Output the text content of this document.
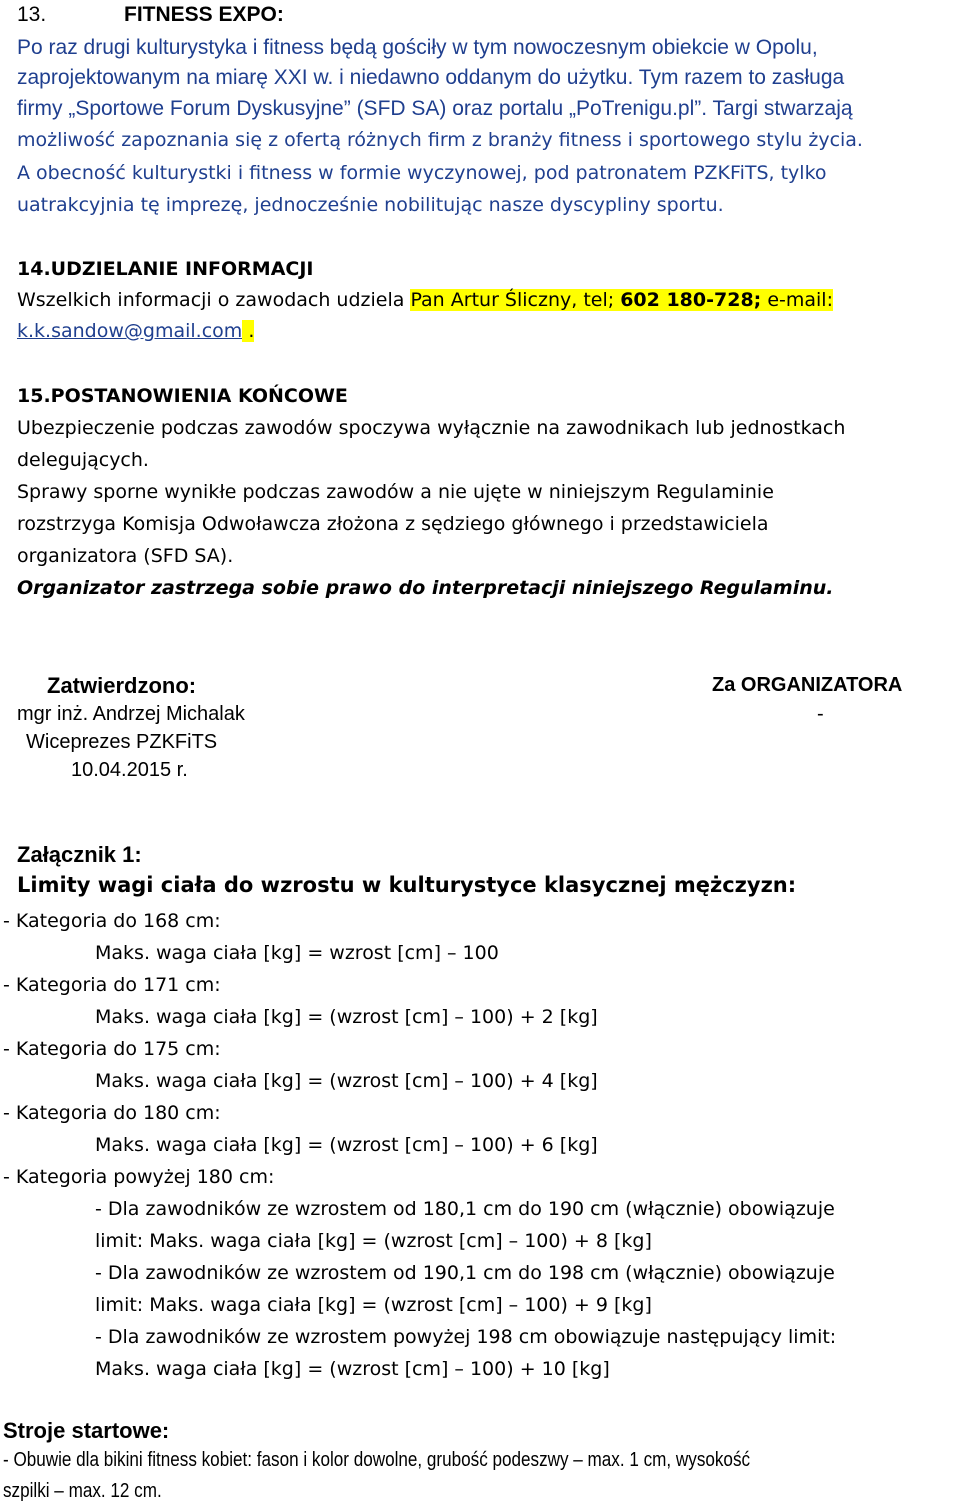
13.	FITNESS EXPO:
Po raz drugi kulturystyka i fitness będą gościły w tym nowoczesnym obiekcie w Opolu,
zaprojektowanym na miarę XXI w. i niedawno oddanym do użytku. Tym razem to zasługa
firmy „Sportowe Forum Dyskusyjne” (SFD SA) oraz portalu „PoTrenigu.pl”. Targi stwarzają
możliwość zapoznania się z ofertą różnych firm z branży fitness i sportowego stylu życia.
A obecność kulturystki i fitness w formie wyczynowej, pod patronatem PZKFiTS, tylko
uatrakcyjnia tę imprezę, jednocześnie nobilitując nasze dyscypliny sportu.
14.UDZIELANIE INFORMACJI
Wszelkich informacji o zawodach udziela Pan Artur Śliczny, tel; 602 180-728; e-mail:
k.k.sandow@gmail.com .
15.POSTANOWIENIA KOŃCOWE
Ubezpieczenie podczas zawodów spoczywa wyłącznie na zawodnikach lub jednostkach
delegujących.
Sprawy sporne wynikłe podczas zawodów a nie ujęte w niniejszym Regulaminie
rozstrzyga Komisja Odwoławcza złożona z sędziego głównego i przedstawiciela
organizatora (SFD SA).
Organizator zastrzega sobie prawo do interpretacji niniejszego Regulaminu.
Zatwierdzono:	Za ORGANIZATORA
mgr inż. Andrzej Michalak	-
Wiceprezes PZKFiTS
10.04.2015 r.
Załącznik 1:
Limity wagi ciała do wzrostu w kulturystyce klasycznej mężczyzn:
- Kategoria do 168 cm:
Maks. waga ciała [kg] = wzrost [cm] – 100
- Kategoria do 171 cm:
Maks. waga ciała [kg] = (wzrost [cm] – 100) + 2 [kg]
- Kategoria do 175 cm:
Maks. waga ciała [kg] = (wzrost [cm] – 100) + 4 [kg]
- Kategoria do 180 cm:
Maks. waga ciała [kg] = (wzrost [cm] – 100) + 6 [kg]
- Kategoria powyżej 180 cm:
- Dla zawodników ze wzrostem od 180,1 cm do 190 cm (włącznie) obowiązuje
limit: Maks. waga ciała [kg] = (wzrost [cm] – 100) + 8 [kg]
- Dla zawodników ze wzrostem od 190,1 cm do 198 cm (włącznie) obowiązuje
limit: Maks. waga ciała [kg] = (wzrost [cm] – 100) + 9 [kg]
- Dla zawodników ze wzrostem powyżej 198 cm obowiązuje następujący limit:
Maks. waga ciała [kg] = (wzrost [cm] – 100) + 10 [kg]
Stroje startowe:
- Obuwie dla bikini fitness kobiet: fason i kolor dowolne, grubość podeszwy – max. 1 cm, wysokość
szpilki – max. 12 cm.
